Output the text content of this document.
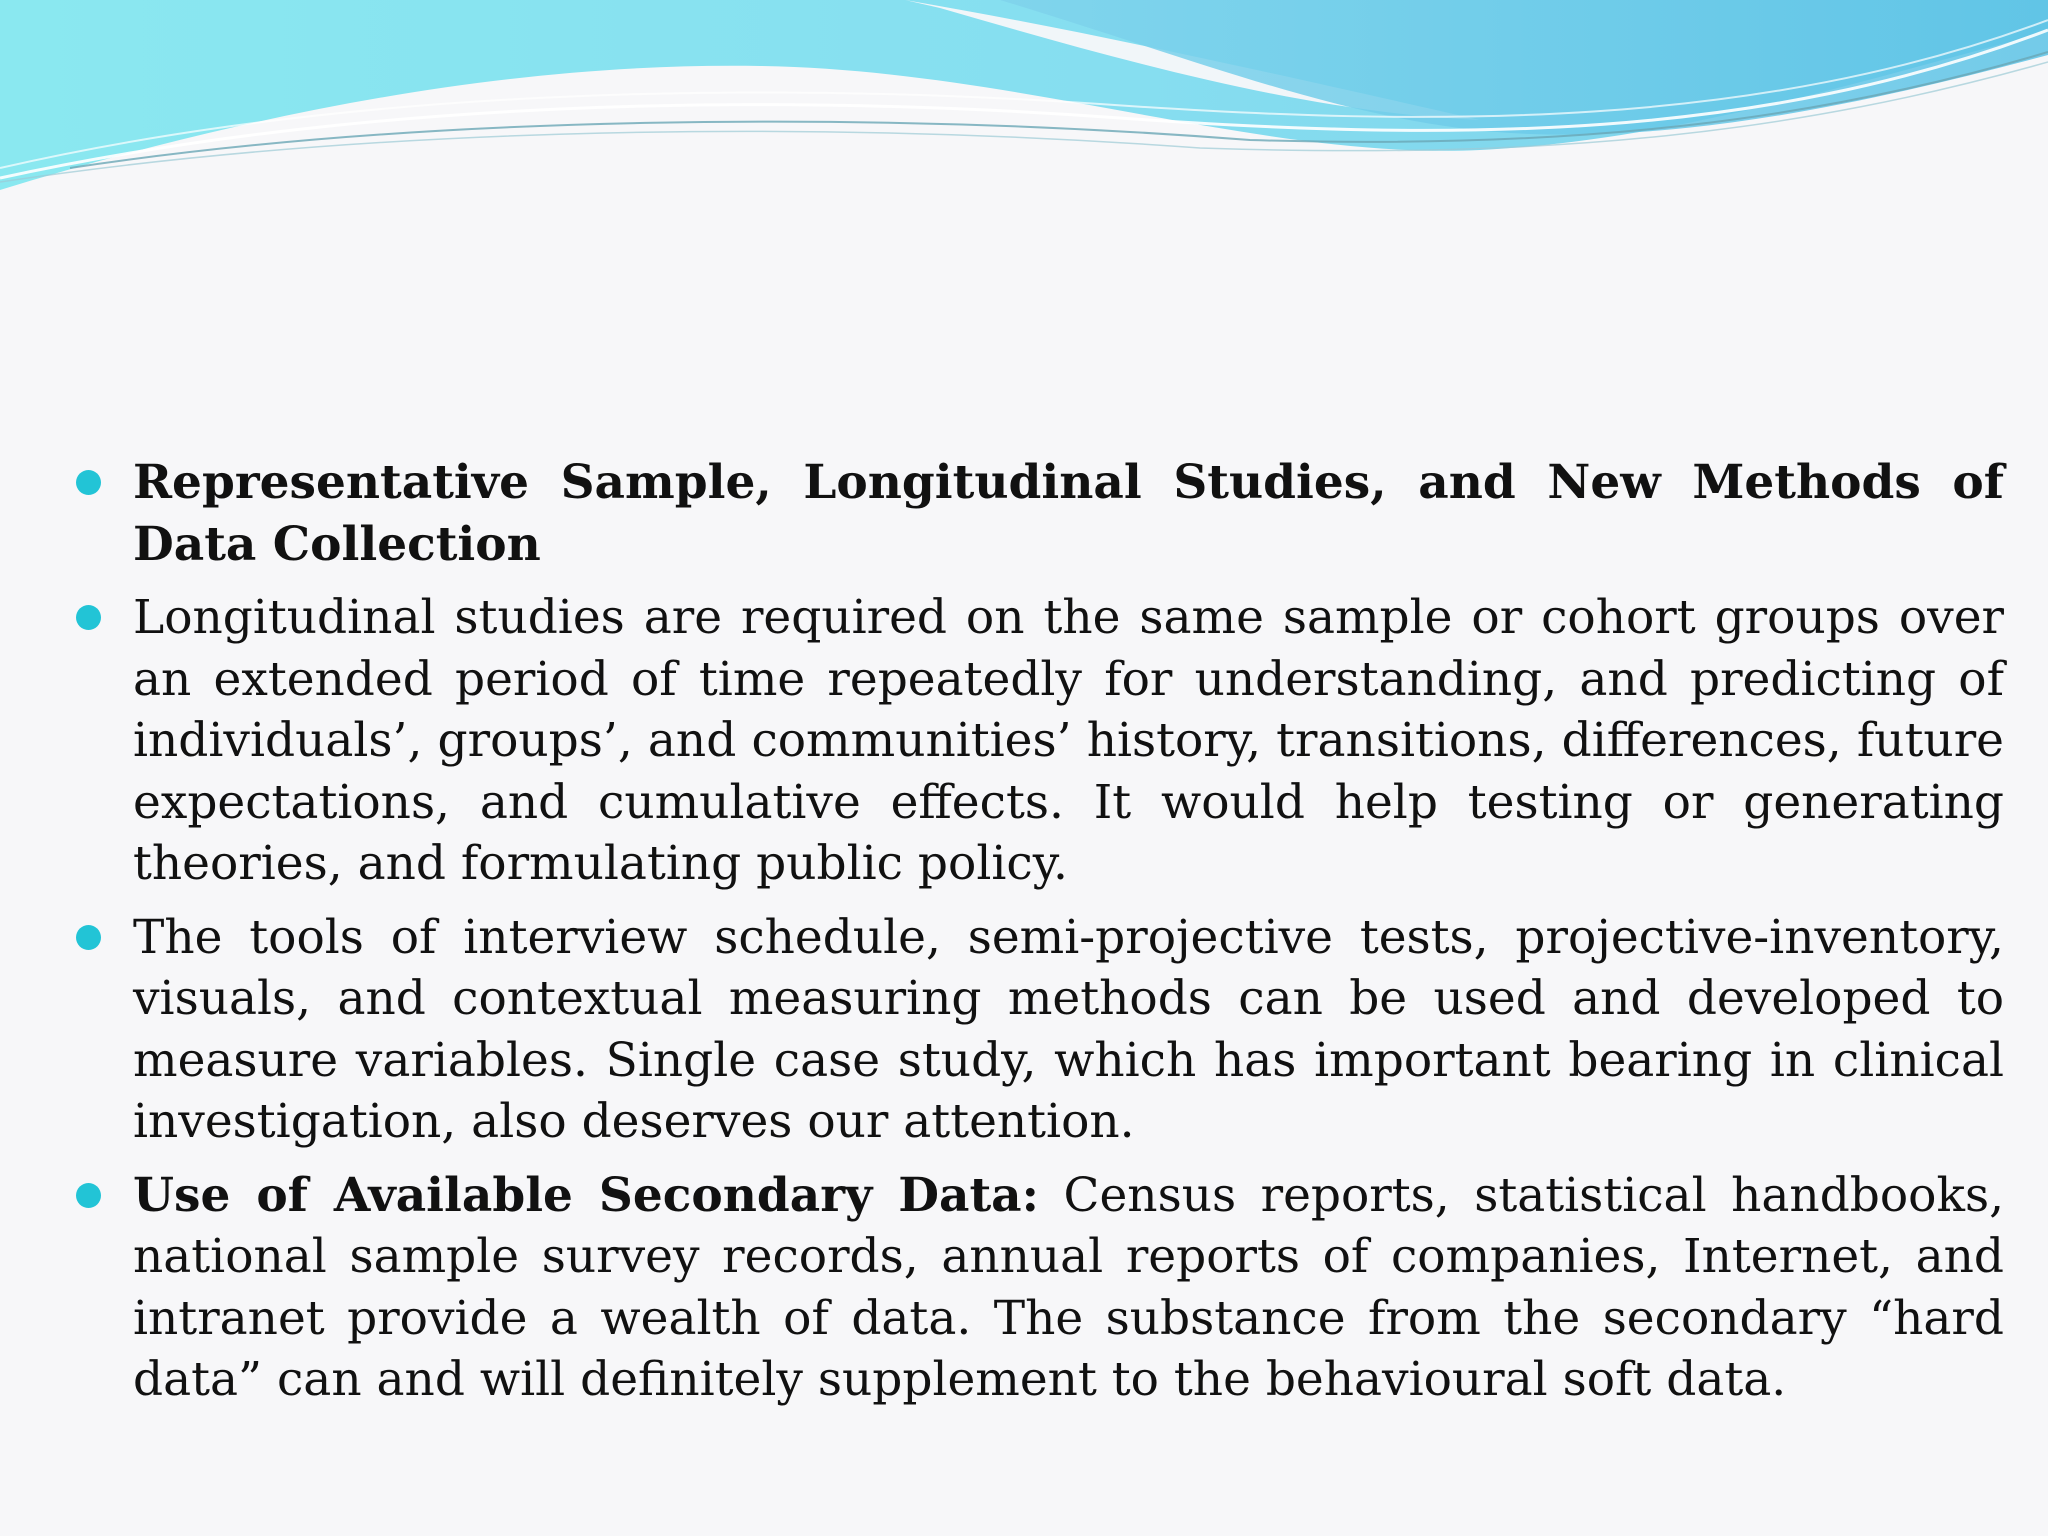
Representative Sample, Longitudinal Studies, and New Methods of Data Collection
Longitudinal studies are required on the same sample or cohort groups over an extended period of time repeatedly for understanding, and predicting of individuals’, groups’, and communities’ history, transitions, differences, future expectations, and cumulative effects. It would help testing or generating theories, and formulating public policy.
The tools of interview schedule, semi-projective tests, projective-inventory, visuals, and contextual measuring methods can be used and developed to measure variables. Single case study, which has important bearing in clinical investigation, also deserves our attention.
Use of Available Secondary Data: Census reports, statistical handbooks, national sample survey records, annual reports of companies, Internet, and intranet provide a wealth of data. The substance from the secondary “hard data” can and will definitely supplement to the behavioural soft data.
